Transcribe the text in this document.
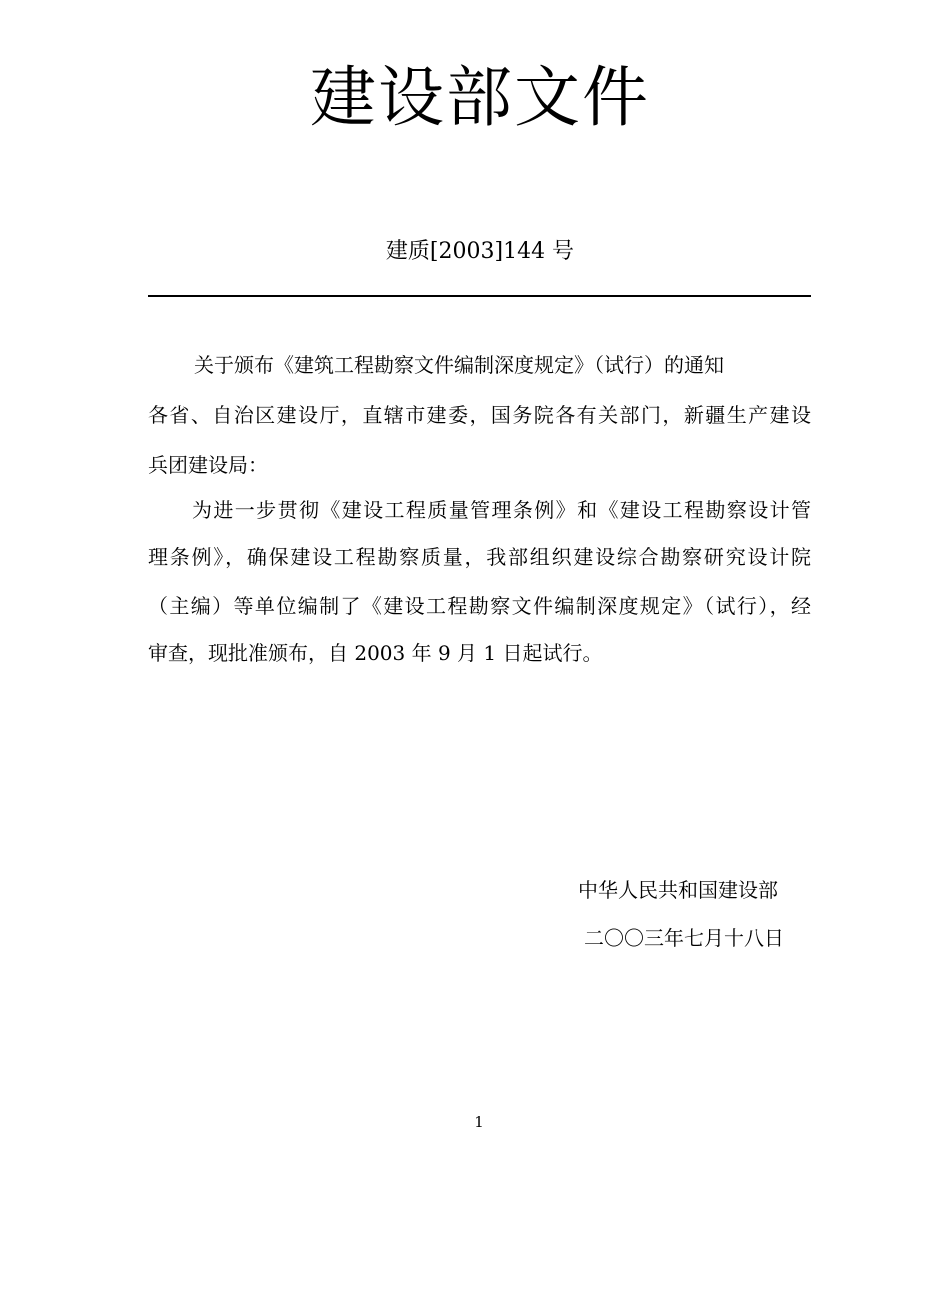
建设部文件
建质[2003]144 号
关于颁布《建筑工程勘察文件编制深度规定》（试行）的通知
各省、自治区建设厅，直辖市建委，国务院各有关部门，新疆生产建设
兵团建设局：
为进一步贯彻《建设工程质量管理条例》和《建设工程勘察设计管
理条例》，确保建设工程勘察质量，我部组织建设综合勘察研究设计院
（主编）等单位编制了《建设工程勘察文件编制深度规定》（试行），经
审查，现批准颁布，自 2003 年 9 月 1 日起试行。
中华人民共和国建设部
二〇〇三年七月十八日
1
